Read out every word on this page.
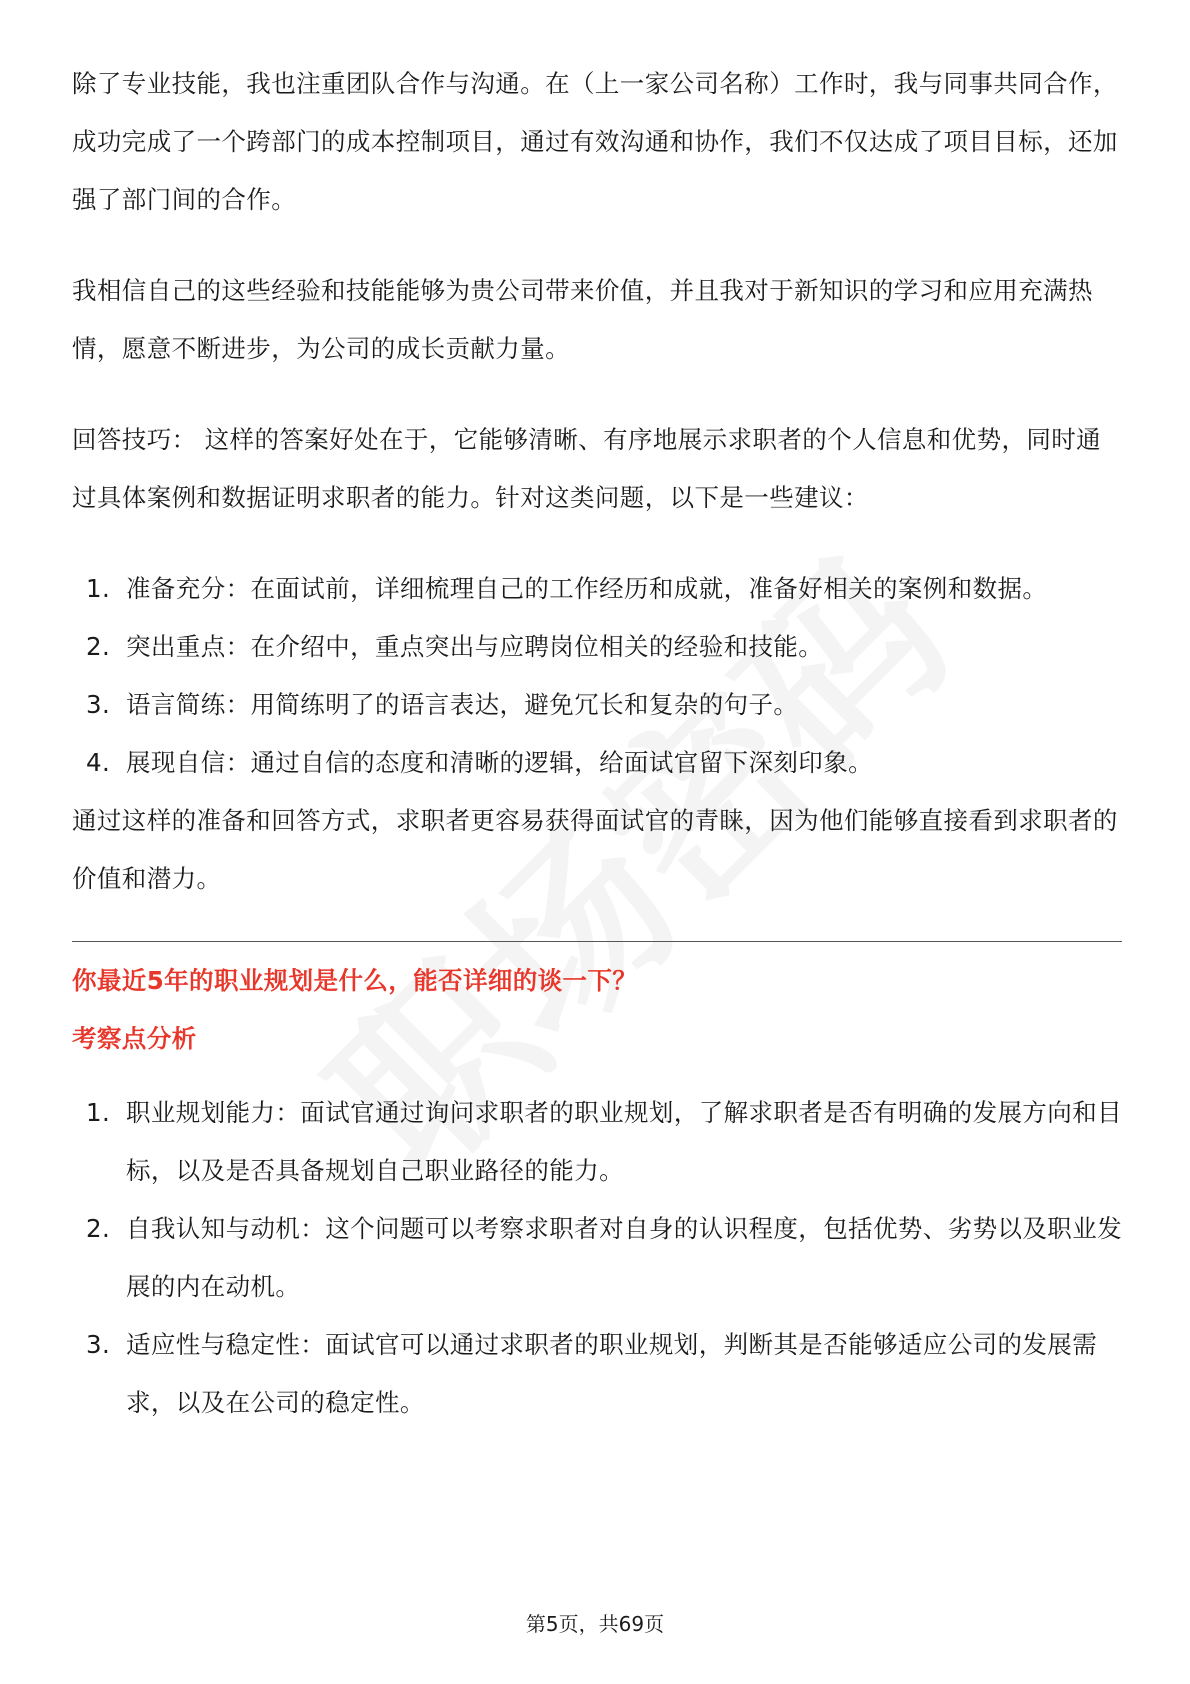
除了专业技能，我也注重团队合作与沟通。在（上一家公司名称）工作时，我与同事共同合作，成功完成了一个跨部门的成本控制项目，通过有效沟通和协作，我们不仅达成了项目目标，还加强了部门间的合作。

我相信自己的这些经验和技能能够为贵公司带来价值，并且我对于新知识的学习和应用充满热情，愿意不断进步，为公司的成长贡献力量。

回答技巧： 这样的答案好处在于，它能够清晰、有序地展示求职者的个人信息和优势，同时通过具体案例和数据证明求职者的能力。针对这类问题，以下是一些建议：

1. 准备充分：在面试前，详细梳理自己的工作经历和成就，准备好相关的案例和数据。
2. 突出重点：在介绍中，重点突出与应聘岗位相关的经验和技能。
3. 语言简练：用简练明了的语言表达，避免冗长和复杂的句子。
4. 展现自信：通过自信的态度和清晰的逻辑，给面试官留下深刻印象。

通过这样的准备和回答方式，求职者更容易获得面试官的青睐，因为他们能够直接看到求职者的价值和潜力。

你最近5年的职业规划是什么，能否详细的谈一下？
考察点分析
1. 职业规划能力：面试官通过询问求职者的职业规划，了解求职者是否有明确的发展方向和目标，以及是否具备规划自己职业路径的能力。
2. 自我认知与动机：这个问题可以考察求职者对自身的认识程度，包括优势、劣势以及职业发展的内在动机。
3. 适应性与稳定性：面试官可以通过求职者的职业规划，判断其是否能够适应公司的发展需求，以及在公司的稳定性。
第5页，共69页
